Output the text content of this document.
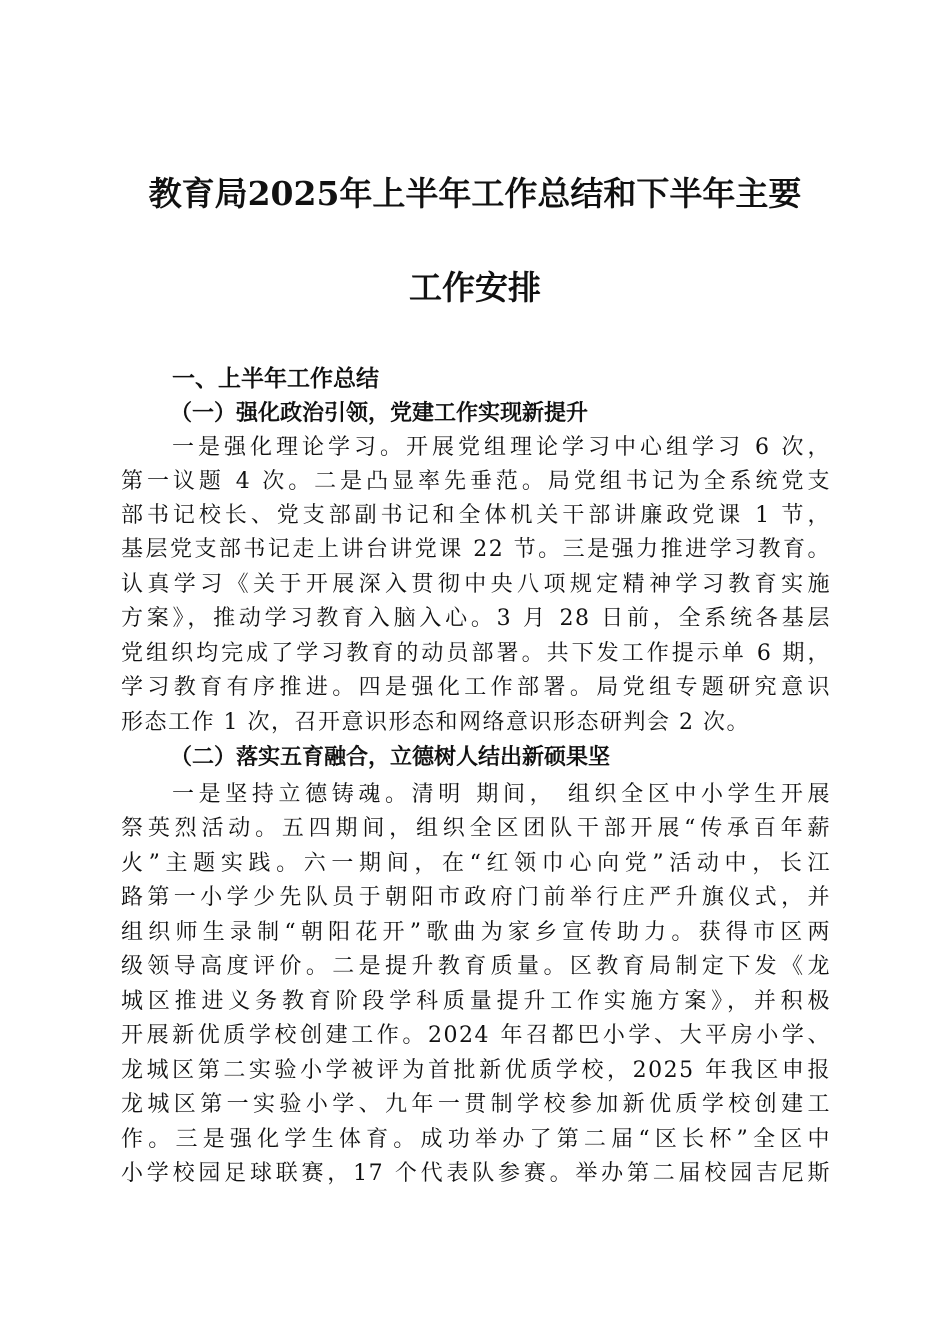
教育局2025年上半年工作总结和下半年主要
工作安排
一、上半年工作总结
（一）强化政治引领，党建工作实现新提升
一是强化理论学习。开展党组理论学习中心组学习 6 次，
第一议题 4 次。二是凸显率先垂范。局党组书记为全系统党支
部书记校长、党支部副书记和全体机关干部讲廉政党课 1 节，
基层党支部书记走上讲台讲党课 22 节。三是强力推进学习教育。
认真学习《关于开展深入贯彻中央八项规定精神学习教育实施
方案》，推动学习教育入脑入心。3 月 28 日前，全系统各基层
党组织均完成了学习教育的动员部署。共下发工作提示单 6 期，
学习教育有序推进。四是强化工作部署。局党组专题研究意识
形态工作 1 次，召开意识形态和网络意识形态研判会 2 次。
（二）落实五育融合，立德树人结出新硕果坚
一是坚持立德铸魂。清明 期间， 组织全区中小学生开展
祭英烈活动。五四期间，组织全区团队干部开展“传承百年薪
火”主题实践。六一期间，在“红领巾心向党”活动中，长江
路第一小学少先队员于朝阳市政府门前举行庄严升旗仪式，并
组织师生录制“朝阳花开”歌曲为家乡宣传助力。获得市区两
级领导高度评价。二是提升教育质量。区教育局制定下发《龙
城区推进义务教育阶段学科质量提升工作实施方案》，并积极
开展新优质学校创建工作。2024 年召都巴小学、大平房小学、
龙城区第二实验小学被评为首批新优质学校，2025 年我区申报
龙城区第一实验小学、九年一贯制学校参加新优质学校创建工
作。三是强化学生体育。成功举办了第二届“区长杯”全区中
小学校园足球联赛，17 个代表队参赛。举办第二届校园吉尼斯
